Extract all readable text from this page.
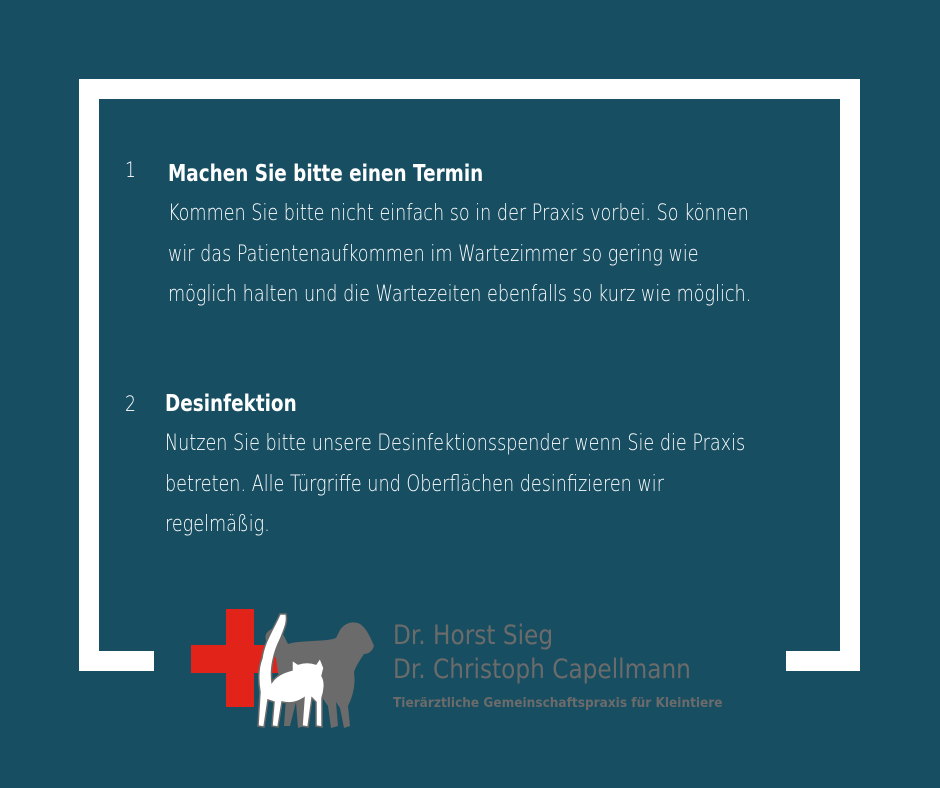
1 Machen Sie bitte einen Termin
Kommen Sie bitte nicht einfach so in der Praxis vorbei. So können
wir das Patientenaufkommen im Wartezimmer so gering wie
möglich halten und die Wartezeiten ebenfalls so kurz wie möglich.
2 Desinfektion
Nutzen Sie bitte unsere Desinfektionsspender wenn Sie die Praxis
betreten. Alle Türgriffe und Oberflächen desinfizieren wir
regelmäßig.
Dr. Horst Sieg
Dr. Christoph Capellmann
Tierärztliche Gemeinschaftspraxis für Kleintiere
